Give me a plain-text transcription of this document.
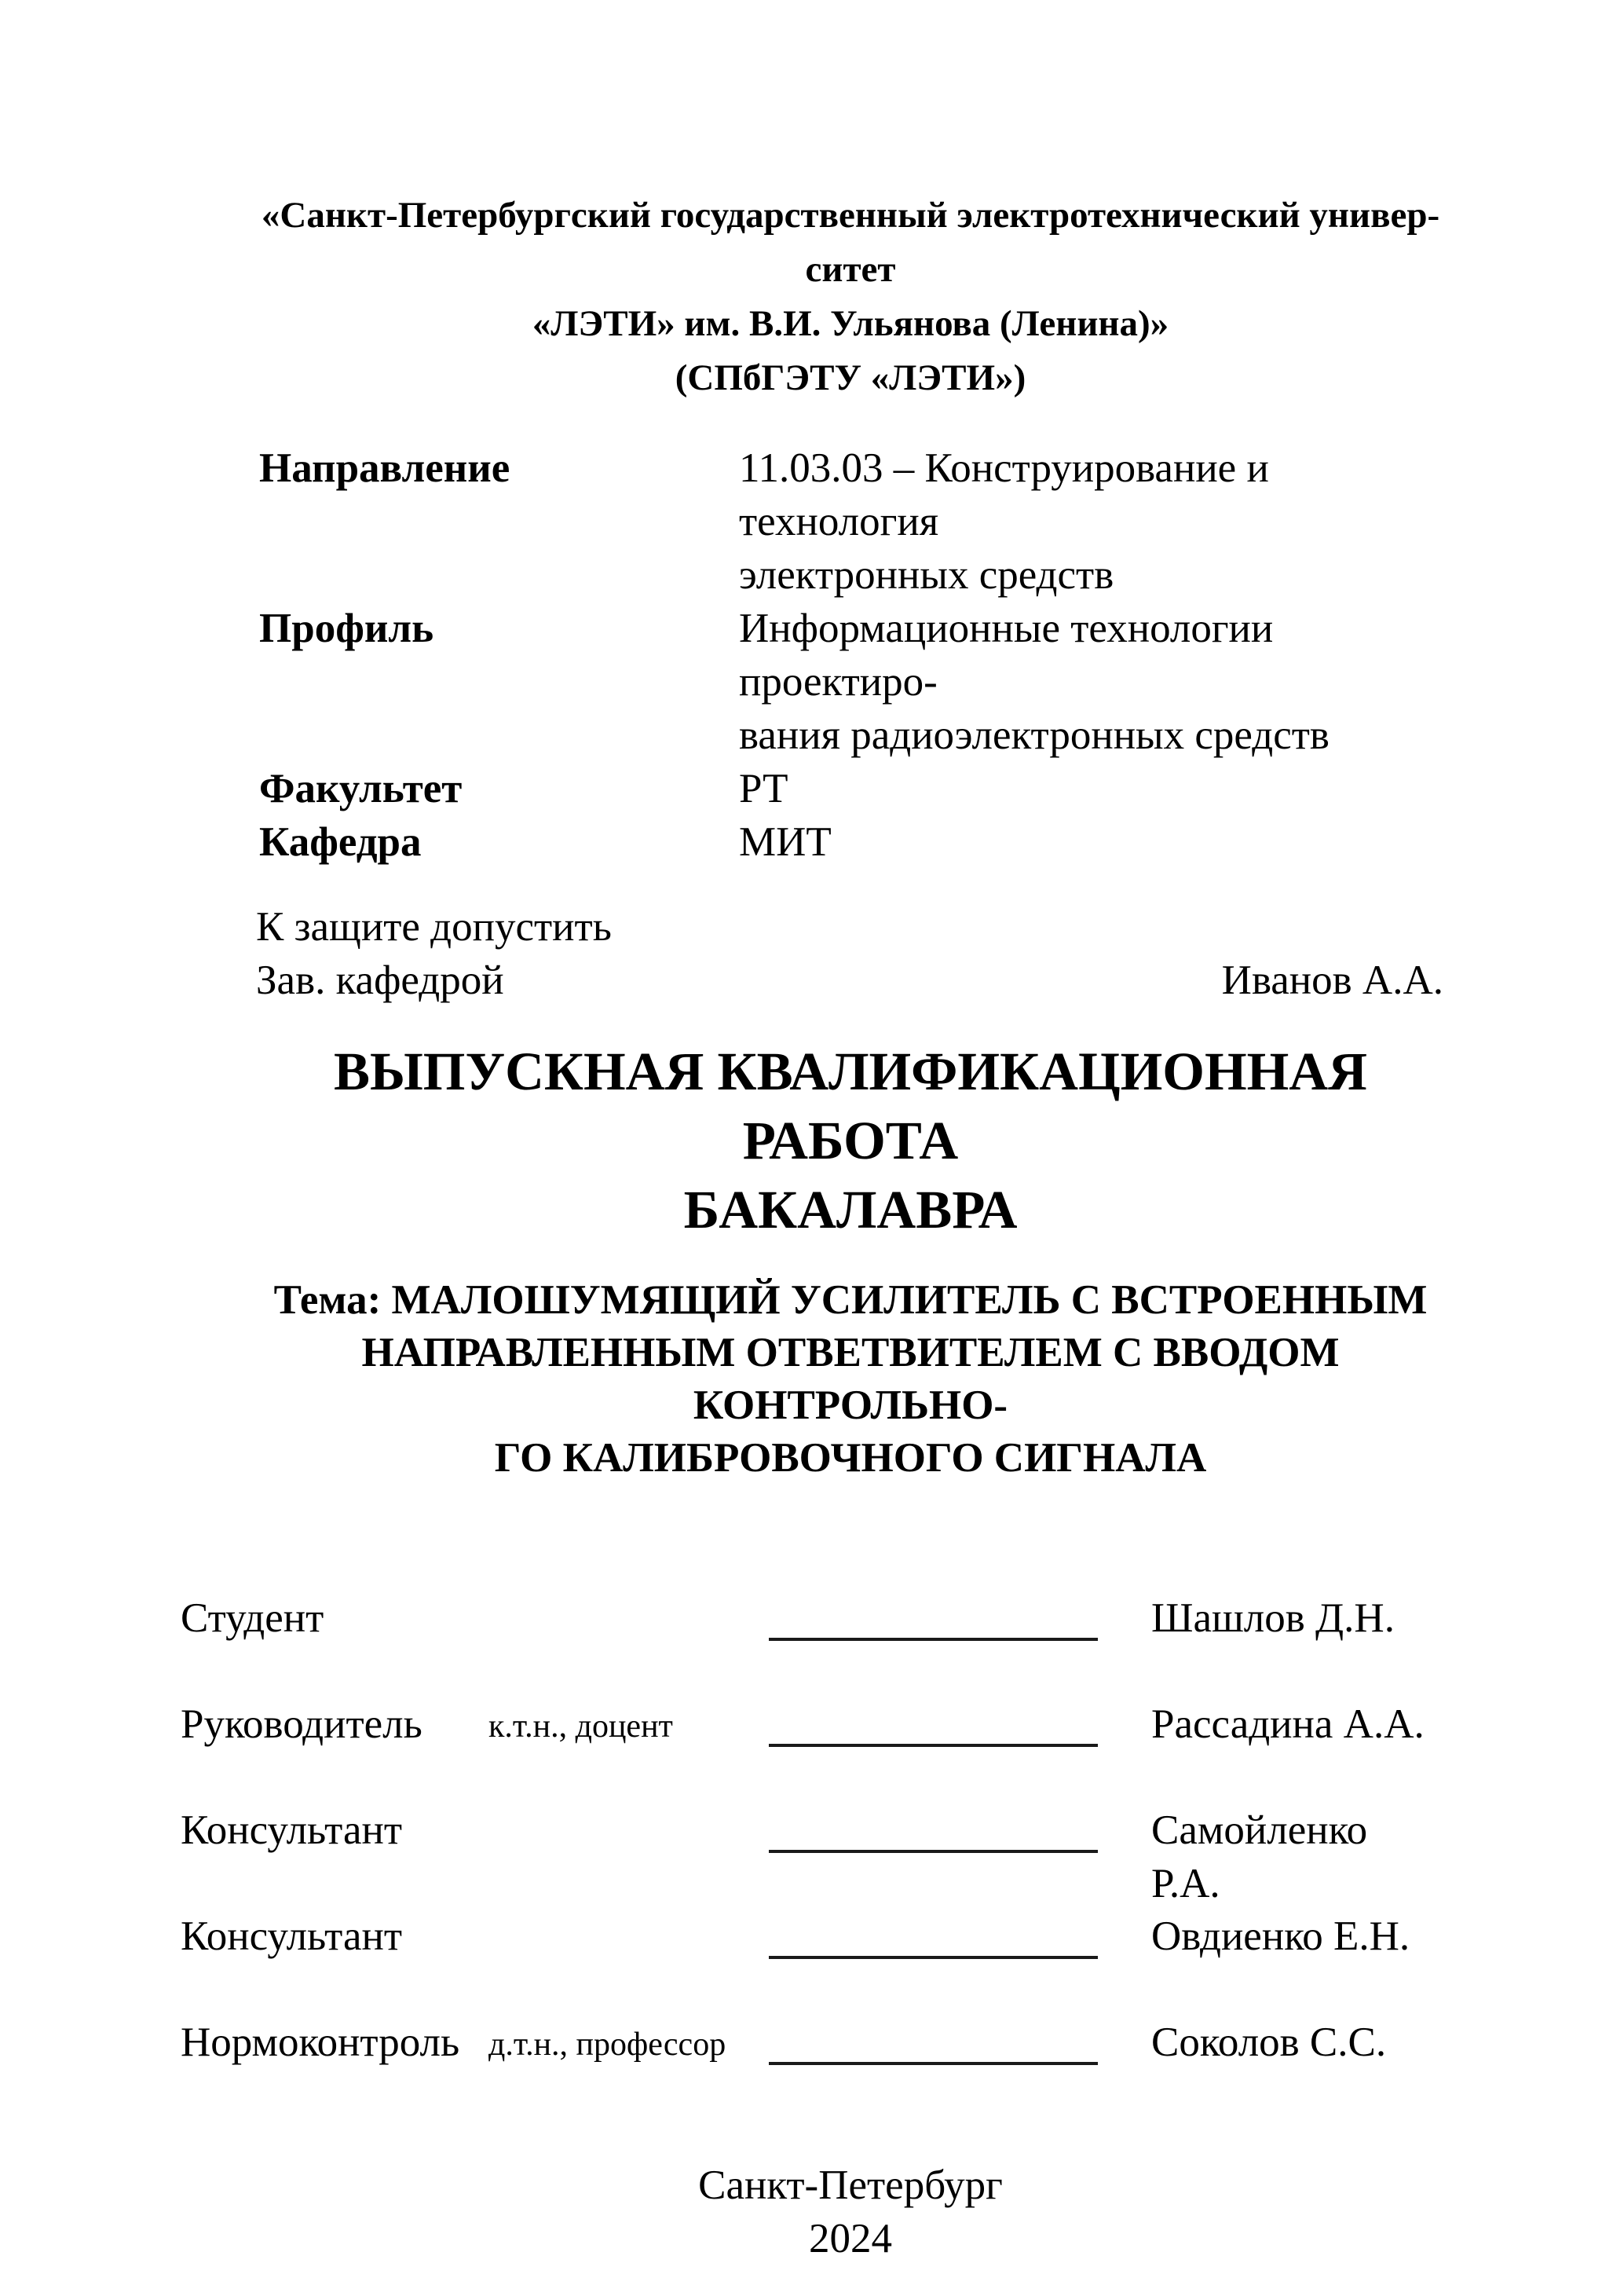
«Санкт-Петербургский государственный электротехнический универ-
ситет
«ЛЭТИ» им. В.И. Ульянова (Ленина)»
(СПбГЭТУ «ЛЭТИ»)
Направление	11.03.03 – Конструирование и технология
электронных средств
Профиль	Информационные технологии проектиро-
вания радиоэлектронных средств
Факультет	РТ
Кафедра	МИТ
К защите допустить
Зав. кафедрой	Иванов А.А.
ВЫПУСКНАЯ КВАЛИФИКАЦИОННАЯ РАБОТА
БАКАЛАВРА
Тема: МАЛОШУМЯЩИЙ УСИЛИТЕЛЬ С ВСТРОЕННЫМ
НАПРАВЛЕННЫМ ОТВЕТВИТЕЛЕМ С ВВОДОМ КОНТРОЛЬНО-
ГО КАЛИБРОВОЧНОГО СИГНАЛА
Студент	Шашлов Д.Н.
Руководитель к.т.н., доцент	Рассадина А.А.
Консультант	Самойленко Р.А.
Консультант	Овдиенко Е.Н.
Нормоконтроль д.т.н., профессор	Соколов С.С.
Санкт-Петербург
2024
